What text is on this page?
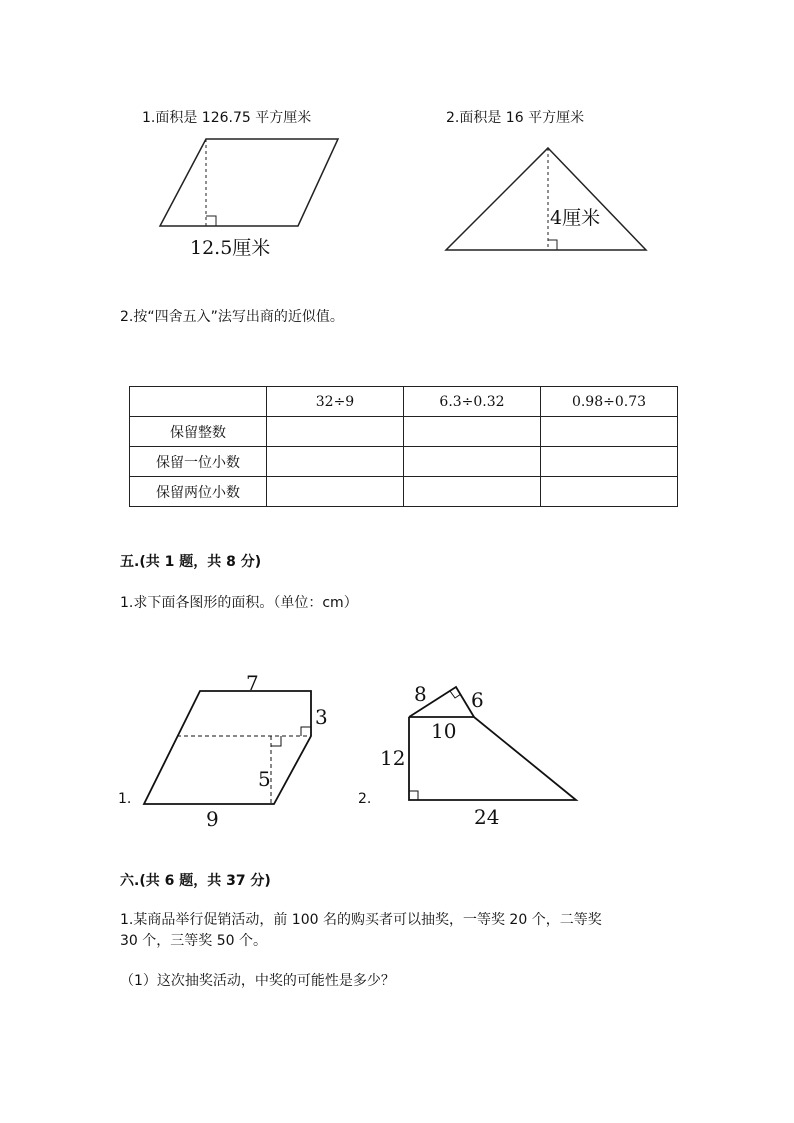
1.面积是 126.75 平方厘米
12.5厘米
2.面积是 16 平方厘米
4厘米
2.按“四舍五入”法写出商的近似值。
	32÷9	6.3÷0.32	0.98÷0.73
保留整数			
保留一位小数			
保留两位小数			
五.(共 1 题，共 8 分)
1.求下面各图形的面积。（单位：cm）
1.
7
3
5
9
2.
8 6
10
12
24
六.(共 6 题，共 37 分)
1.某商品举行促销活动，前 100 名的购买者可以抽奖，一等奖 20 个，二等奖
30 个，三等奖 50 个。
（1）这次抽奖活动，中奖的可能性是多少？
